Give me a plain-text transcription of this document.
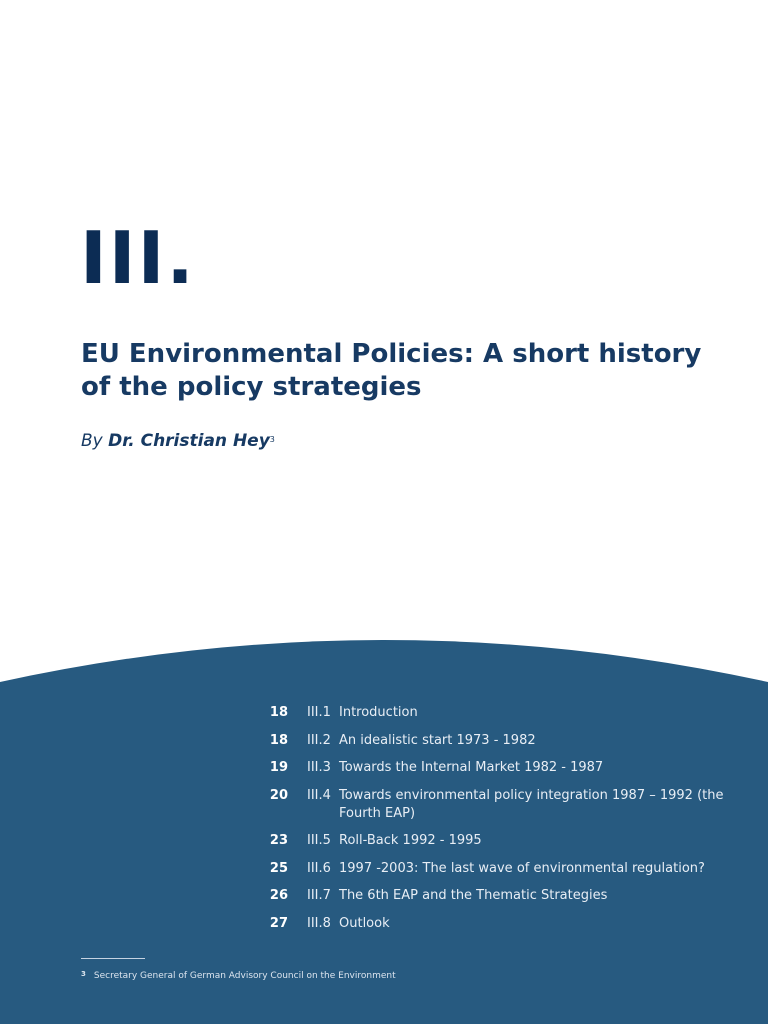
III.
EU Environmental Policies: A short history of the policy strategies
By Dr. Christian Hey$^3$
18 III.1 Introduction
18 III.2 An idealistic start 1973 - 1982
19 III.3 Towards the Internal Market 1982 - 1987
20 III.4 Towards environmental policy integration 1987 – 1992 (the Fourth EAP)
23 III.5 Roll-Back 1992 - 1995
25 III.6 1997 -2003: The last wave of environmental regulation?
26 III.7 The 6th EAP and the Thematic Strategies
27 III.8 Outlook
$^3$ Secretary General of German Advisory Council on the Environment
